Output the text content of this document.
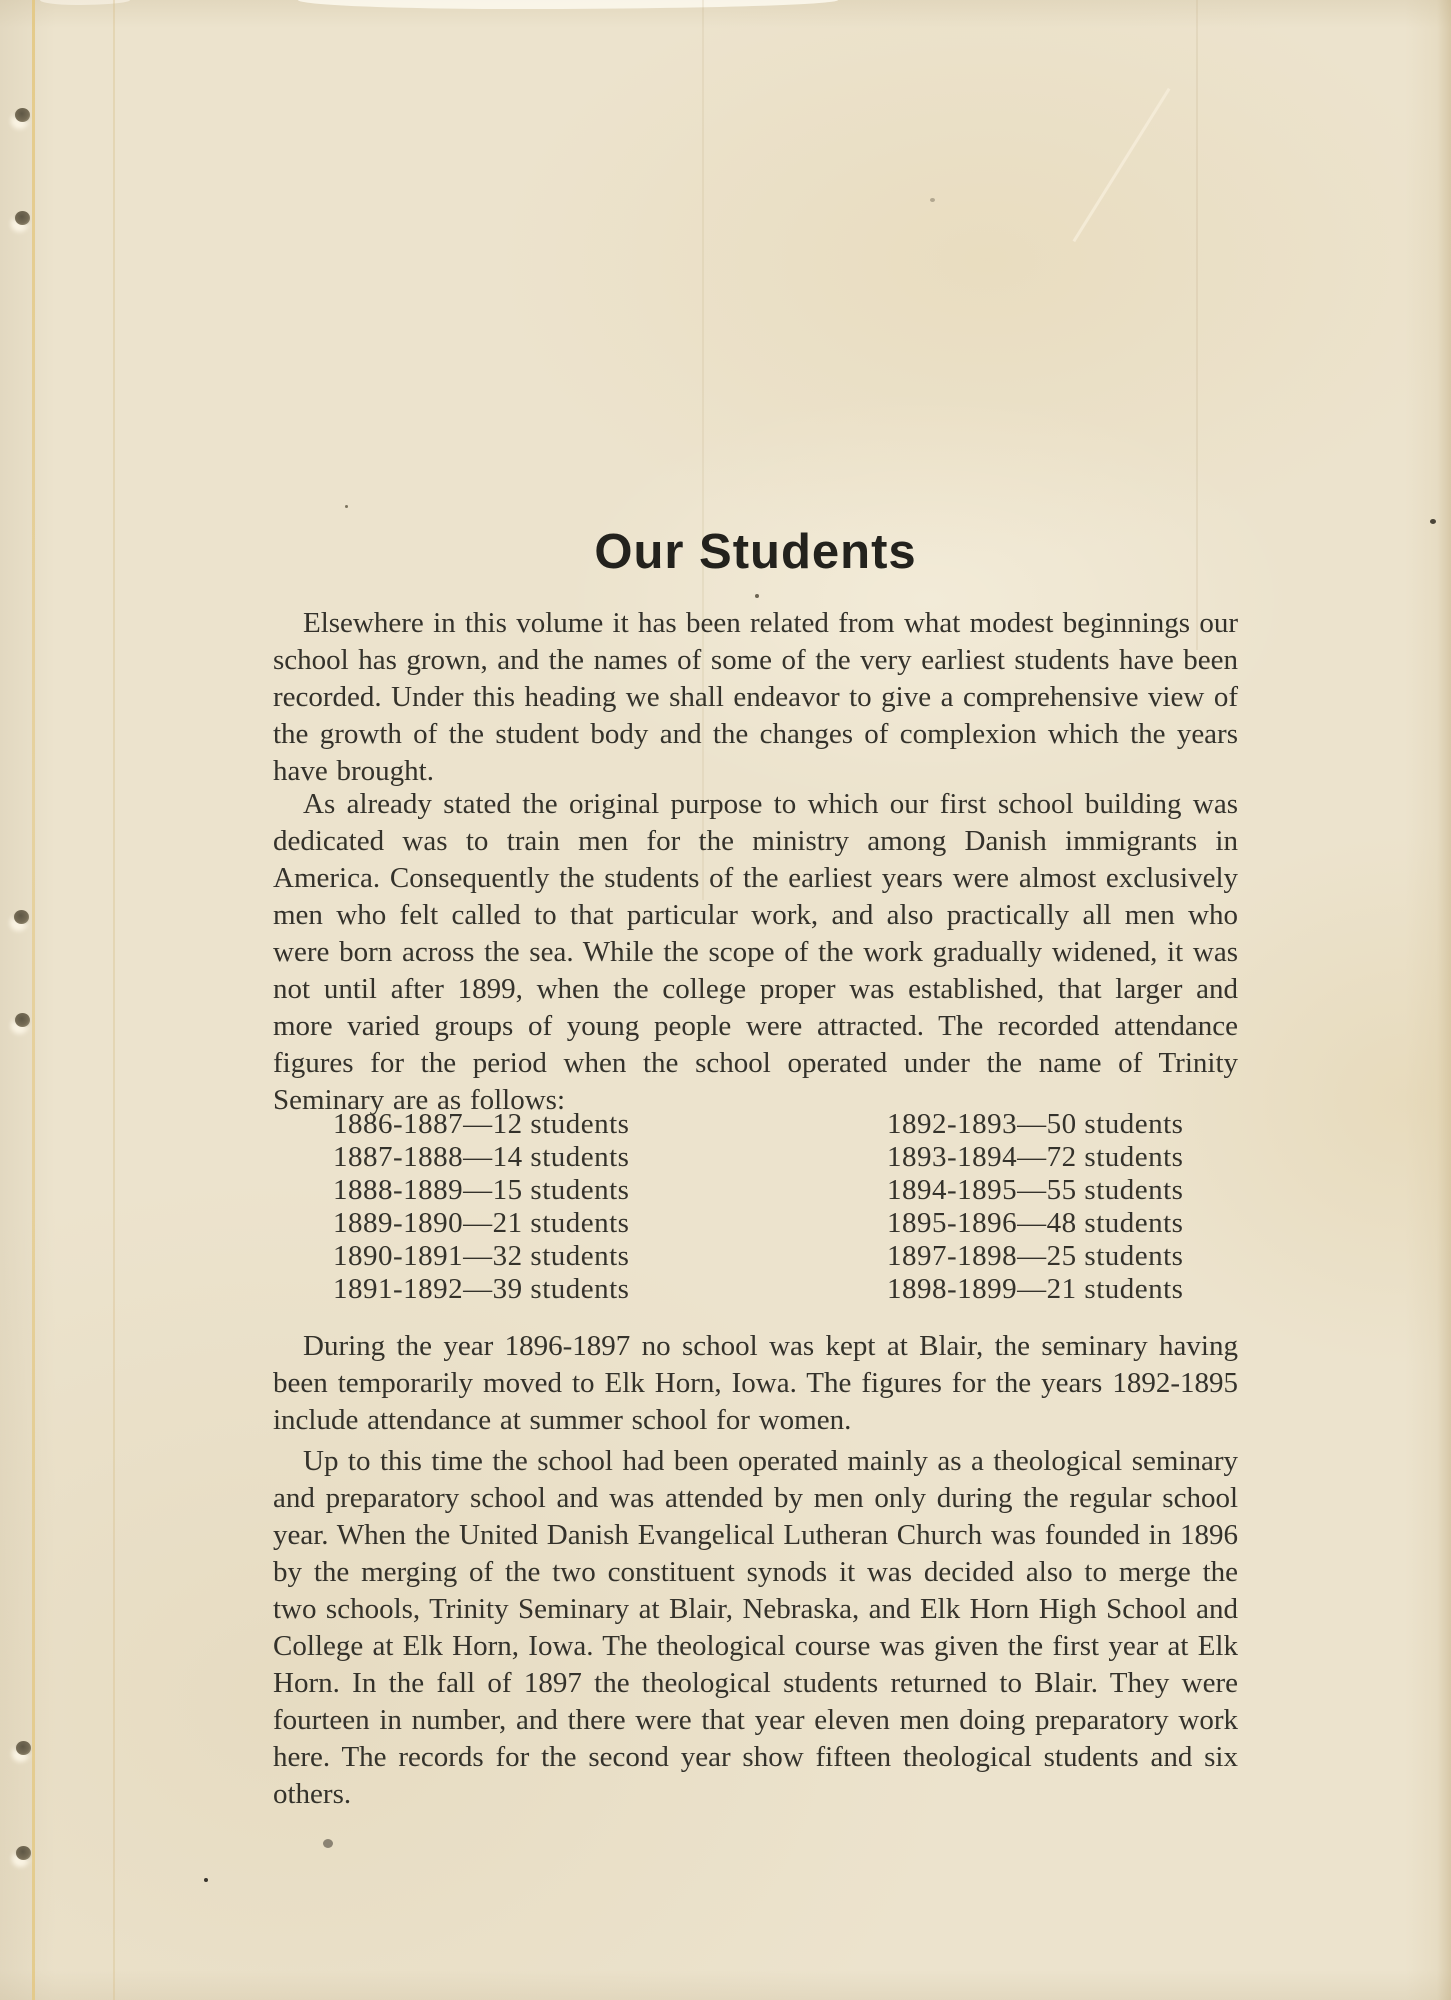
Our Students

Elsewhere in this volume it has been related from what modest beginnings our school has grown, and the names of some of the very earliest students have been recorded. Under this heading we shall endeavor to give a comprehensive view of the growth of the student body and the changes of complexion which the years have brought.

As already stated the original purpose to which our first school building was dedicated was to train men for the ministry among Danish immigrants in America. Consequently the students of the earliest years were almost exclusively men who felt called to that particular work, and also practically all men who were born across the sea. While the scope of the work gradually widened, it was not until after 1899, when the college proper was established, that larger and more varied groups of young people were attracted. The recorded attendance figures for the period when the school operated under the name of Trinity Seminary are as follows:

1886-1887—12 students
1887-1888—14 students
1888-1889—15 students
1889-1890—21 students
1890-1891—32 students
1891-1892—39 students
1892-1893—50 students
1893-1894—72 students
1894-1895—55 students
1895-1896—48 students
1897-1898—25 students
1898-1899—21 students

During the year 1896-1897 no school was kept at Blair, the seminary having been temporarily moved to Elk Horn, Iowa. The figures for the years 1892-1895 include attendance at summer school for women.

Up to this time the school had been operated mainly as a theological seminary and preparatory school and was attended by men only during the regular school year. When the United Danish Evangelical Lutheran Church was founded in 1896 by the merging of the two constituent synods it was decided also to merge the two schools, Trinity Seminary at Blair, Nebraska, and Elk Horn High School and College at Elk Horn, Iowa. The theological course was given the first year at Elk Horn. In the fall of 1897 the theological students returned to Blair. They were fourteen in number, and there were that year eleven men doing preparatory work here. The records for the second year show fifteen theological students and six others.
